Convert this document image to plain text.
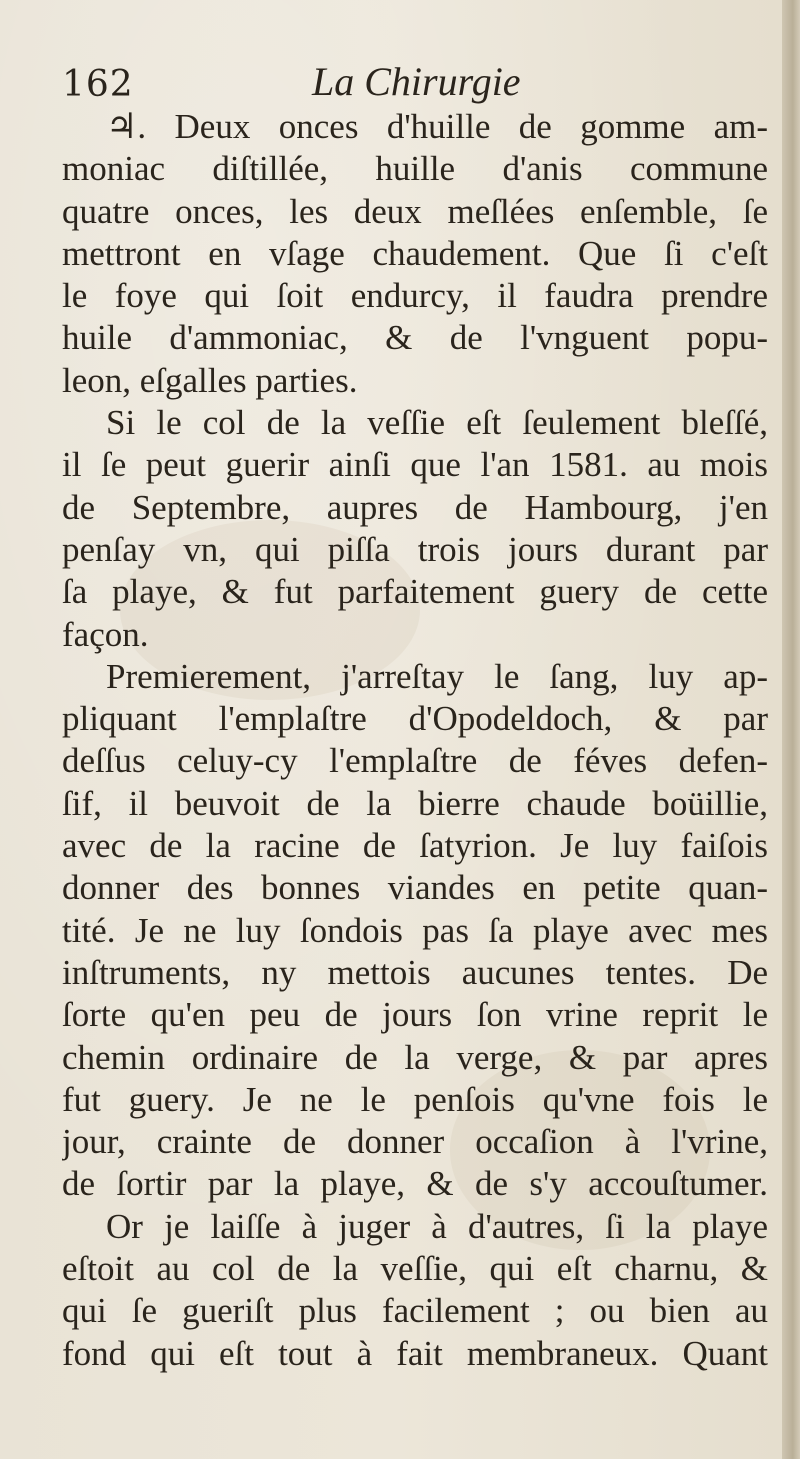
162	La Chirurgie
♃. Deux onces d'huille de gomme am-
moniac diſtillée, huille d'anis commune
quatre onces, les deux meſlées enſemble, ſe
mettront en vſage chaudement. Que ſi c'eſt
le foye qui ſoit endurcy, il faudra prendre
huile d'ammoniac, & de l'vnguent popu-
leon, eſgalles parties.
Si le col de la veſſie eſt ſeulement bleſſé,
il ſe peut guerir ainſi que l'an 1581. au mois
de Septembre, aupres de Hambourg, j'en
penſay vn, qui piſſa trois jours durant par
ſa playe, & fut parfaitement guery de cette
façon.
Premierement, j'arreſtay le ſang, luy ap-
pliquant l'emplaſtre d'Opodeldoch, & par
deſſus celuy-cy l'emplaſtre de féves defen-
ſif, il beuvoit de la bierre chaude boüillie,
avec de la racine de ſatyrion. Je luy faiſois
donner des bonnes viandes en petite quan-
tité. Je ne luy ſondois pas ſa playe avec mes
inſtruments, ny mettois aucunes tentes. De
ſorte qu'en peu de jours ſon vrine reprit le
chemin ordinaire de la verge, & par apres
fut guery. Je ne le penſois qu'vne fois le
jour, crainte de donner occaſion à l'vrine,
de ſortir par la playe, & de s'y accouſtumer.
Or je laiſſe à juger à d'autres, ſi la playe
eſtoit au col de la veſſie, qui eſt charnu, &
qui ſe gueriſt plus facilement ; ou bien au
fond qui eſt tout à fait membraneux. Quant
